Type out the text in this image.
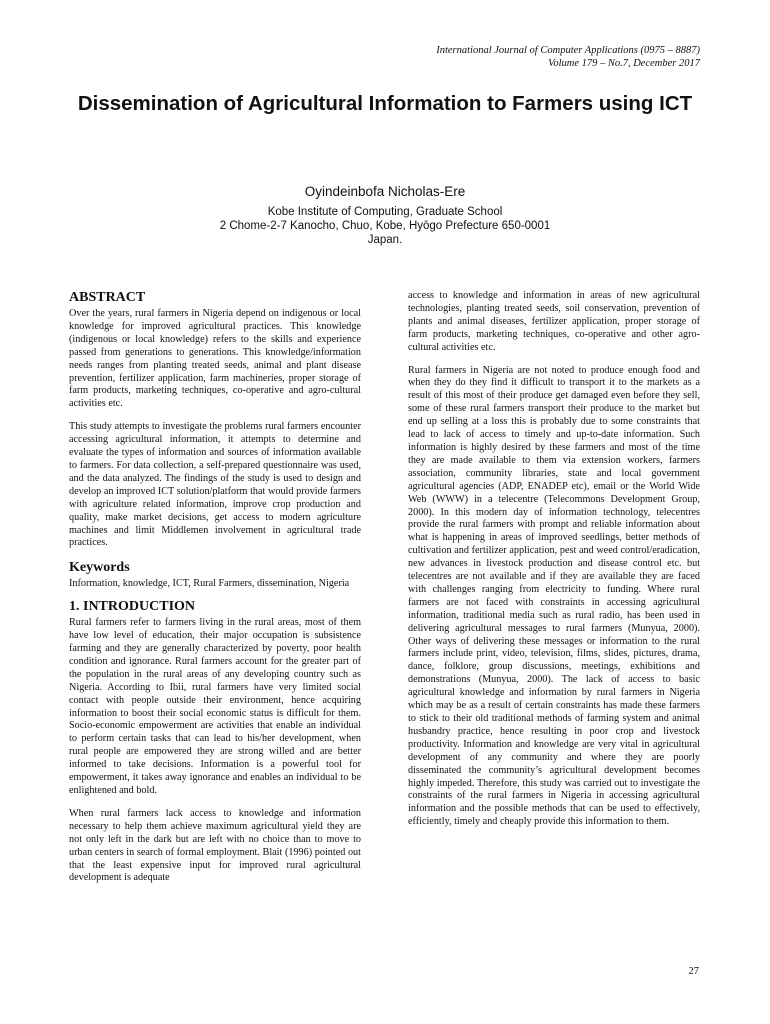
International Journal of Computer Applications (0975 – 8887)
Volume 179 – No.7, December 2017
Dissemination of Agricultural Information to Farmers using ICT
Oyindeinbofa Nicholas-Ere
Kobe Institute of Computing, Graduate School
2 Chome-2-7 Kanocho, Chuo, Kobe, Hyōgo Prefecture 650-0001
Japan.
ABSTRACT

Over the years, rural farmers in Nigeria depend on indigenous or local knowledge for improved agricultural practices. This knowledge (indigenous or local knowledge) refers to the skills and experience passed from generations to generations. This knowledge/information needs ranges from planting treated seeds, animal and plant disease prevention, fertilizer application, farm machineries, proper storage of farm products, marketing techniques, co-operative and agro-cultural activities etc.

This study attempts to investigate the problems rural farmers encounter accessing agricultural information, it attempts to determine and evaluate the types of information and sources of information available to farmers. For data collection, a self-prepared questionnaire was used, and the data analyzed. The findings of the study is used to design and develop an improved ICT solution/platform that would provide farmers with agriculture related information, improve crop production and quality, make market decisions, get access to modern agriculture machines and limit Middlemen involvement in agricultural trade practices.

Keywords

Information, knowledge, ICT, Rural Farmers, dissemination, Nigeria

1. INTRODUCTION

Rural farmers refer to farmers living in the rural areas, most of them have low level of education, their major occupation is subsistence farming and they are generally characterized by poverty, poor health condition and ignorance. Rural farmers account for the greater part of the population in the rural areas of any developing country such as Nigeria. According to Ibii, rural farmers have very limited social contact with people outside their environment, hence acquiring information to boost their social economic status is difficult for them. Socio-economic empowerment are activities that enable an individual to perform certain tasks that can lead to his/her development, when rural people are empowered they are strong willed and are better informed to take decisions. Information is a powerful tool for empowerment, it takes away ignorance and enables an individual to be enlightened and bold.

When rural farmers lack access to knowledge and information necessary to help them achieve maximum agricultural yield they are not only left in the dark but are left with no choice than to move to urban centers in search of formal employment. Blait (1996) pointed out that the least expensive input for improved rural agricultural development is adequate

access to knowledge and information in areas of new agricultural technologies, planting treated seeds, soil conservation, prevention of plants and animal diseases, fertilizer application, proper storage of farm products, marketing techniques, co-operative and other agro-cultural activities etc.

Rural farmers in Nigeria are not noted to produce enough food and when they do they find it difficult to transport it to the markets as a result of this most of their produce get damaged even before they sell, some of these rural farmers transport their produce to the market but end up selling at a loss this is probably due to some constraints that lead to lack of access to timely and up-to-date information. Such information is highly desired by these farmers and most of the time they are made available to them via extension workers, farmers association, community libraries, state and local government agricultural agencies (ADP, ENADEP etc), email or the World Wide Web (WWW) in a telecentre (Telecommons Development Group, 2000). In this modern day of information technology, telecentres provide the rural farmers with prompt and reliable information about what is happening in areas of improved seedlings, better methods of cultivation and fertilizer application, pest and weed control/eradication, new advances in livestock production and disease control etc. but telecentres are not available and if they are available they are faced with challenges ranging from electricity to funding. Where rural farmers are not faced with constraints in accessing agricultural information, traditional media such as rural radio, has been used in delivering agricultural messages to rural farmers (Munyua, 2000). Other ways of delivering these messages or information to the rural farmers include print, video, television, films, slides, pictures, drama, dance, folklore, group discussions, meetings, exhibitions and demonstrations (Munyua, 2000). The lack of access to basic agricultural knowledge and information by rural farmers in Nigeria which may be as a result of certain constraints has made these farmers to stick to their old traditional methods of farming system and animal husbandry practice, hence resulting in poor crop and livestock productivity. Information and knowledge are very vital in agricultural development of any community and where they are poorly disseminated the community’s agricultural development becomes highly impeded. Therefore, this study was carried out to investigate the constraints of the rural farmers in Nigeria in accessing agricultural information and the possible methods that can be used to effectively, efficiently, timely and cheaply provide this information to them.

27
